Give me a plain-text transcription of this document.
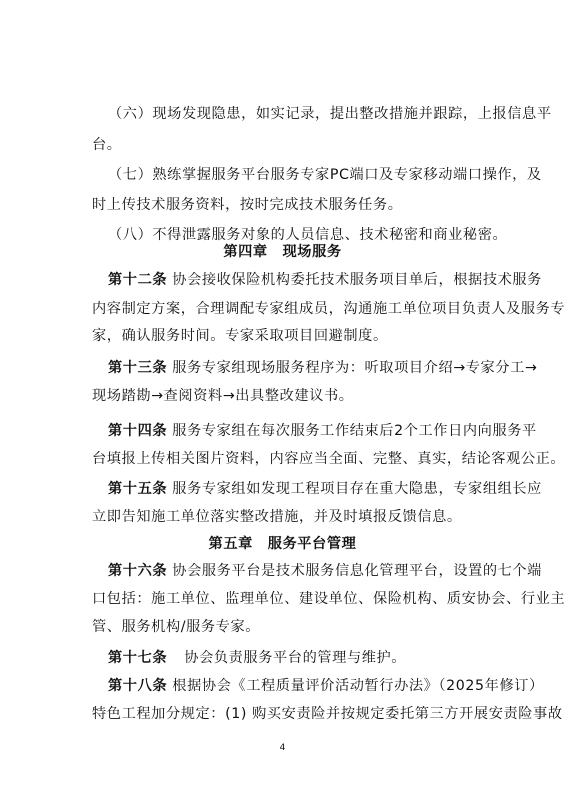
（六）现场发现隐患，如实记录，提出整改措施并跟踪，上报信息平
台。
（七）熟练掌握服务平台服务专家PC端口及专家移动端口操作，及
时上传技术服务资料，按时完成技术服务任务。
（八）不得泄露服务对象的人员信息、技术秘密和商业秘密。
第四章　现场服务
第十二条 协会接收保险机构委托技术服务项目单后，根据技术服务
内容制定方案，合理调配专家组成员，沟通施工单位项目负责人及服务专
家，确认服务时间。专家采取项目回避制度。
第十三条 服务专家组现场服务程序为：听取项目介绍→专家分工→
现场踏勘→查阅资料→出具整改建议书。
第十四条 服务专家组在每次服务工作结束后2个工作日内向服务平
台填报上传相关图片资料，内容应当全面、完整、真实，结论客观公正。
第十五条 服务专家组如发现工程项目存在重大隐患，专家组组长应
立即告知施工单位落实整改措施，并及时填报反馈信息。
第五章　服务平台管理
第十六条 协会服务平台是技术服务信息化管理平台，设置的七个端
口包括：施工单位、监理单位、建设单位、保险机构、质安协会、行业主
管、服务机构/服务专家。
第十七条 协会负责服务平台的管理与维护。
第十八条 根据协会《工程质量评价活动暂行办法》（2025年修订）
特色工程加分规定：(1) 购买安责险并按规定委托第三方开展安责险事故
4
